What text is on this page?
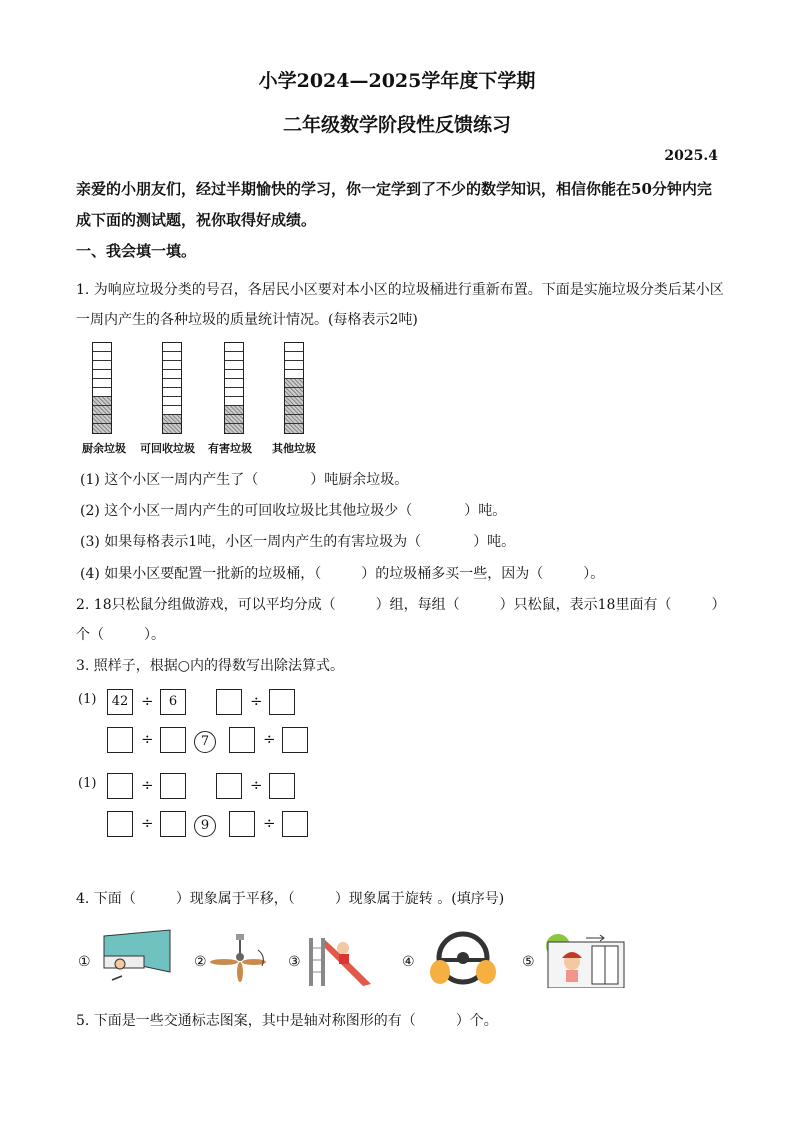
小学2024—2025学年度下学期
二年级数学阶段性反馈练习
2025.4
亲爱的小朋友们，经过半期愉快的学习，你一定学到了不少的数学知识，相信你能在50分钟内完成下面的测试题，祝你取得好成绩。
一、我会填一填。
1. 为响应垃圾分类的号召，各居民小区要对本小区的垃圾桶进行重新布置。下面是实施垃圾分类后某小区一周内产生的各种垃圾的质量统计情况。(每格表示2吨)
厨余垃圾 可回收垃圾 有害垃圾 其他垃圾
(1) 这个小区一周内产生了（	）吨厨余垃圾。
(2) 这个小区一周内产生的可回收垃圾比其他垃圾少（	）吨。
(3) 如果每格表示1吨，小区一周内产生的有害垃圾为（	）吨。
(4) 如果小区要配置一批新的垃圾桶，（	）的垃圾桶多买一些，因为（	）。
2. 18只松鼠分组做游戏，可以平均分成（	）组，每组（	）只松鼠，表示18里面有（	）
个（	）。
3. 照样子，根据○内的得数写出除法算式。
(1)	42 ÷	6	÷
÷	7	÷
(1)	÷	÷
÷	9	÷
4. 下面（	）现象属于平移，（	）现象属于旋转 。(填序号)
①	②	③	④	⑤
5. 下面是一些交通标志图案，其中是轴对称图形的有（	）个。
